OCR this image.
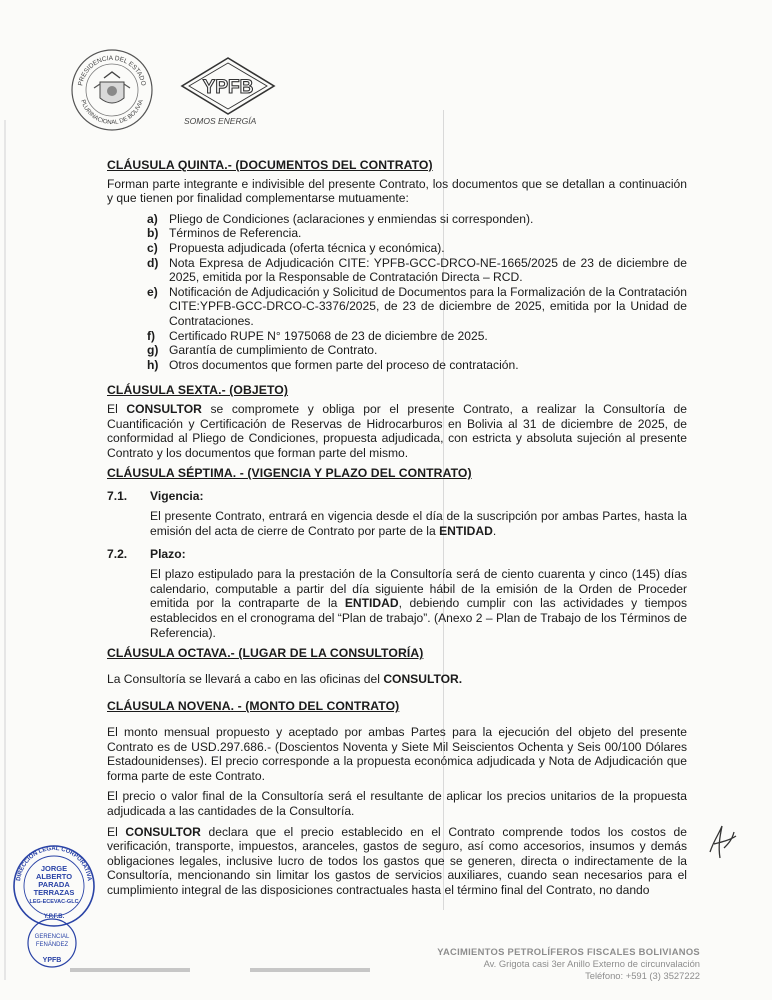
PRESIDENCIA DEL ESTADO
PLURINACIONAL DE BOLIVIA
YPFB
SOMOS ENERGÍA
CLÁUSULA QUINTA.- (DOCUMENTOS DEL CONTRATO)

Forman parte integrante e indivisible del presente Contrato, los documentos que se detallan a continuación y que tienen por finalidad complementarse mutuamente:

a) Pliego de Condiciones (aclaraciones y enmiendas si corresponden).
b) Términos de Referencia.
c) Propuesta adjudicada (oferta técnica y económica).
d) Nota Expresa de Adjudicación CITE: YPFB-GCC-DRCO-NE-1665/2025 de 23 de diciembre de 2025, emitida por la Responsable de Contratación Directa – RCD.
e) Notificación de Adjudicación y Solicitud de Documentos para la Formalización de la Contratación CITE:YPFB-GCC-DRCO-C-3376/2025, de 23 de diciembre de 2025, emitida por la Unidad de Contrataciones.
f) Certificado RUPE N° 1975068 de 23 de diciembre de 2025.
g) Garantía de cumplimiento de Contrato.
h) Otros documentos que formen parte del proceso de contratación.
CLÁUSULA SEXTA.- (OBJETO)

El CONSULTOR se compromete y obliga por el presente Contrato, a realizar la Consultoría de Cuantificación y Certificación de Reservas de Hidrocarburos en Bolivia al 31 de diciembre de 2025, de conformidad al Pliego de Condiciones, propuesta adjudicada, con estricta y absoluta sujeción al presente Contrato y los documentos que forman parte del mismo.

CLÁUSULA SÉPTIMA. - (VIGENCIA Y PLAZO DEL CONTRATO)
7.1.	Vigencia:

El presente Contrato, entrará en vigencia desde el día de la suscripción por ambas Partes, hasta la emisión del acta de cierre de Contrato por parte de la ENTIDAD.

7.2.	Plazo:

El plazo estipulado para la prestación de la Consultoría será de ciento cuarenta y cinco (145) días calendario, computable a partir del día siguiente hábil de la emisión de la Orden de Proceder emitida por la contraparte de la ENTIDAD, debiendo cumplir con las actividades y tiempos establecidos en el cronograma del “Plan de trabajo”. (Anexo 2 – Plan de Trabajo de los Términos de Referencia).

CLÁUSULA OCTAVA.- (LUGAR DE LA CONSULTORÍA)

La Consultoría se llevará a cabo en las oficinas del CONSULTOR.

CLÁUSULA NOVENA. - (MONTO DEL CONTRATO)

El monto mensual propuesto y aceptado por ambas Partes para la ejecución del objeto del presente Contrato es de USD.297.686.- (Doscientos Noventa y Siete Mil Seiscientos Ochenta y Seis 00/100 Dólares Estadounidenses). El precio corresponde a la propuesta económica adjudicada y Nota de Adjudicación que forma parte de este Contrato.

El precio o valor final de la Consultoría será el resultante de aplicar los precios unitarios de la propuesta adjudicada a las cantidades de la Consultoría.

El CONSULTOR declara que el precio establecido en el Contrato comprende todos los costos de verificación, transporte, impuestos, aranceles, gastos de seguro, así como accesorios, insumos y demás obligaciones legales, inclusive lucro de todos los gastos que se generen, directa o indirectamente de la Consultoría, mencionando sin limitar los gastos de servicios auxiliares, cuando sean necesarios para el cumplimiento integral de las disposiciones contractuales hasta el término final del Contrato, no dando

DIRECCIÓN LEGAL CORPORATIVA
JORGE
ALBERTO
PARADA
TERRAZAS
LEG-ECEVAC-GLC
Y.P.F.B.
GERENCIAL
FENÁNDEZ
YPFB
YACIMIENTOS PETROLÍFEROS FISCALES BOLIVIANOS
Av. Grigota casi 3er Anillo Externo de circunvalación
Teléfono: +591 (3) 3527222
